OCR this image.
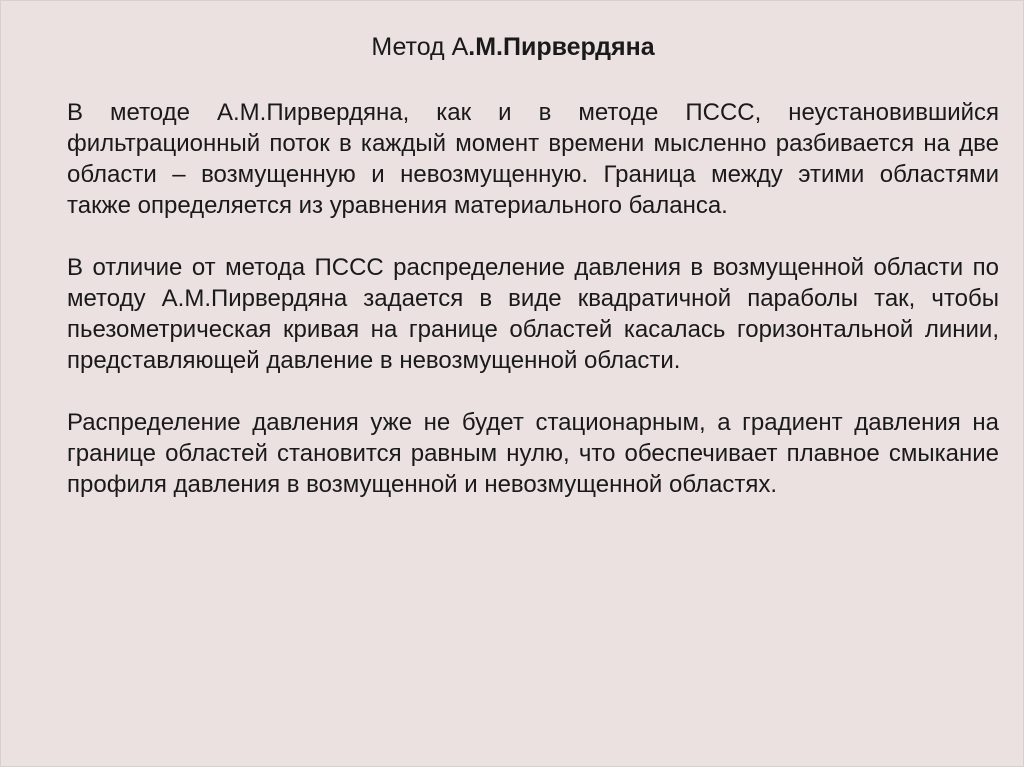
Метод А.М.Пирвердяна

В методе А.М.Пирвердяна, как и в методе ПССС, неустановившийся фильтрационный поток в каждый момент времени мысленно разбивается на две области – возмущенную и невозмущенную. Граница между этими областями также определяется из уравнения материального баланса.

В отличие от метода ПССС распределение давления в возмущенной области по методу А.М.Пирвердяна задается в виде квадратичной параболы так, чтобы пьезометрическая кривая на границе областей касалась горизонтальной линии, представляющей давление в невозмущенной области.

Распределение давления уже не будет стационарным, а градиент давления на границе областей становится равным нулю, что обеспечивает плавное смыкание профиля давления в возмущенной и невозмущенной областях.
